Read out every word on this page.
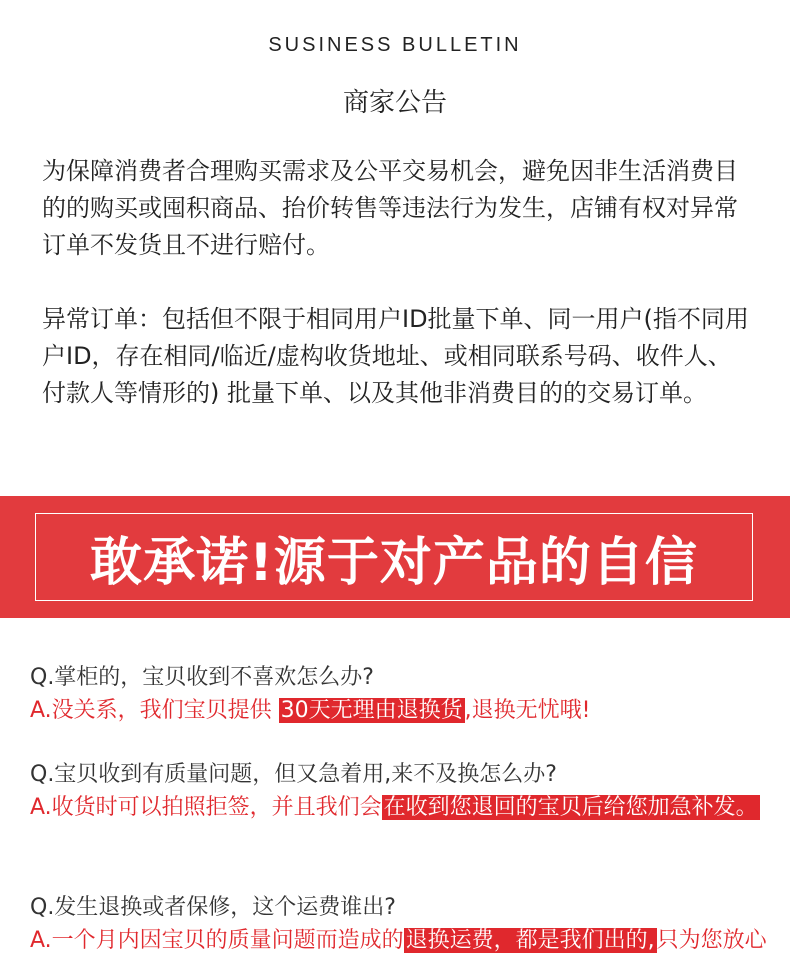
SUSINESS BULLETIN
商家公告

为保障消费者合理购买需求及公平交易机会，避免因非生活消费目的的购买或囤积商品、抬价转售等违法行为发生，店铺有权对异常订单不发货且不进行赔付。

异常订单：包括但不限于相同用户ID批量下单、同一用户(指不同用户ID，存在相同/临近/虚构收货地址、或相同联系号码、收件人、付款人等情形的) 批量下单、以及其他非消费目的的交易订单。

敢承诺!源于对产品的自信
Q.掌柜的，宝贝收到不喜欢怎么办?
A.没关系，我们宝贝提供 30天无理由退换货,退换无忧哦!
Q.宝贝收到有质量问题，但又急着用,来不及换怎么办?
A.收货时可以拍照拒签，并且我们会在收到您退回的宝贝后给您加急补发。
Q.发生退换或者保修，这个运费谁出?
A.一个月内因宝贝的质量问题而造成的退换运费，都是我们出的,只为您放心
